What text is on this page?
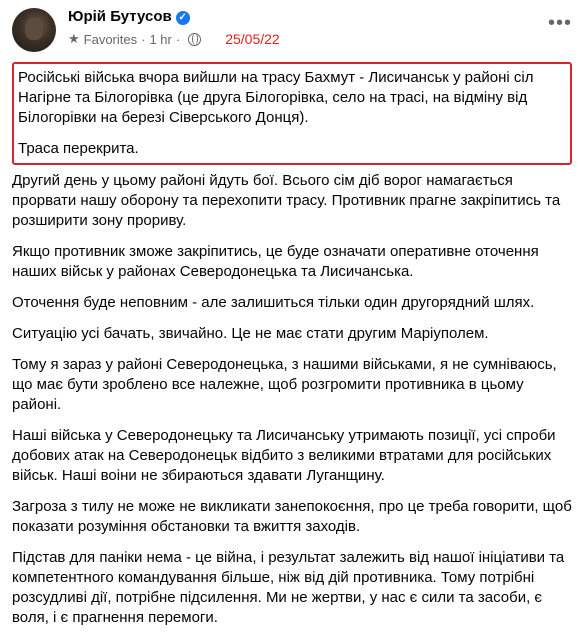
Юрій Бутусов ✓
★ Favorites · 1 hr ·	25/05/22
•••

Російські війська вчора вийшли на трасу Бахмут - Лисичанськ у районі сіл Нагірне та Білогорівка (це друга Білогорівка, село на трасі, на відміну від Білогорівки на березі Сіверського Донця).

Траса перекрита.

Другий день у цьому районі йдуть бої. Всього сім діб ворог намагається прорвати нашу оборону та перехопити трасу. Противник прагне закріпитись та розширити зону прориву.

Якщо противник зможе закріпитись, це буде означати оперативне оточення наших військ у районах Северодонецька та Лисичанська.

Оточення буде неповним - але залишиться тільки один другорядний шлях.

Ситуацію усі бачать, звичайно. Це не має стати другим Маріуполем.

Тому я зараз у районі Северодонецька, з нашими військами, я не сумніваюсь, що має бути зроблено все належне, щоб розгромити противника в цьому районі.

Наші війська у Северодонецьку та Лисичанську утримають позиції, усі спроби добових атак на Северодонецьк відбито з великими втратами для російських військ. Наші воіни не збираються здавати Луганщину.

Загроза з тилу не може не викликати занепокоєння, про це треба говорити, щоб показати розуміння обстановки та вжиття заходів.

Підстав для паніки нема - це війна, і результат залежить від нашої ініціативи та компетентного командування більше, ніж від дій противника. Тому потрібні розсудливі дії, потрібне підсилення. Ми не жертви, у нас є сили та засоби, є воля, і є прагнення перемоги.
